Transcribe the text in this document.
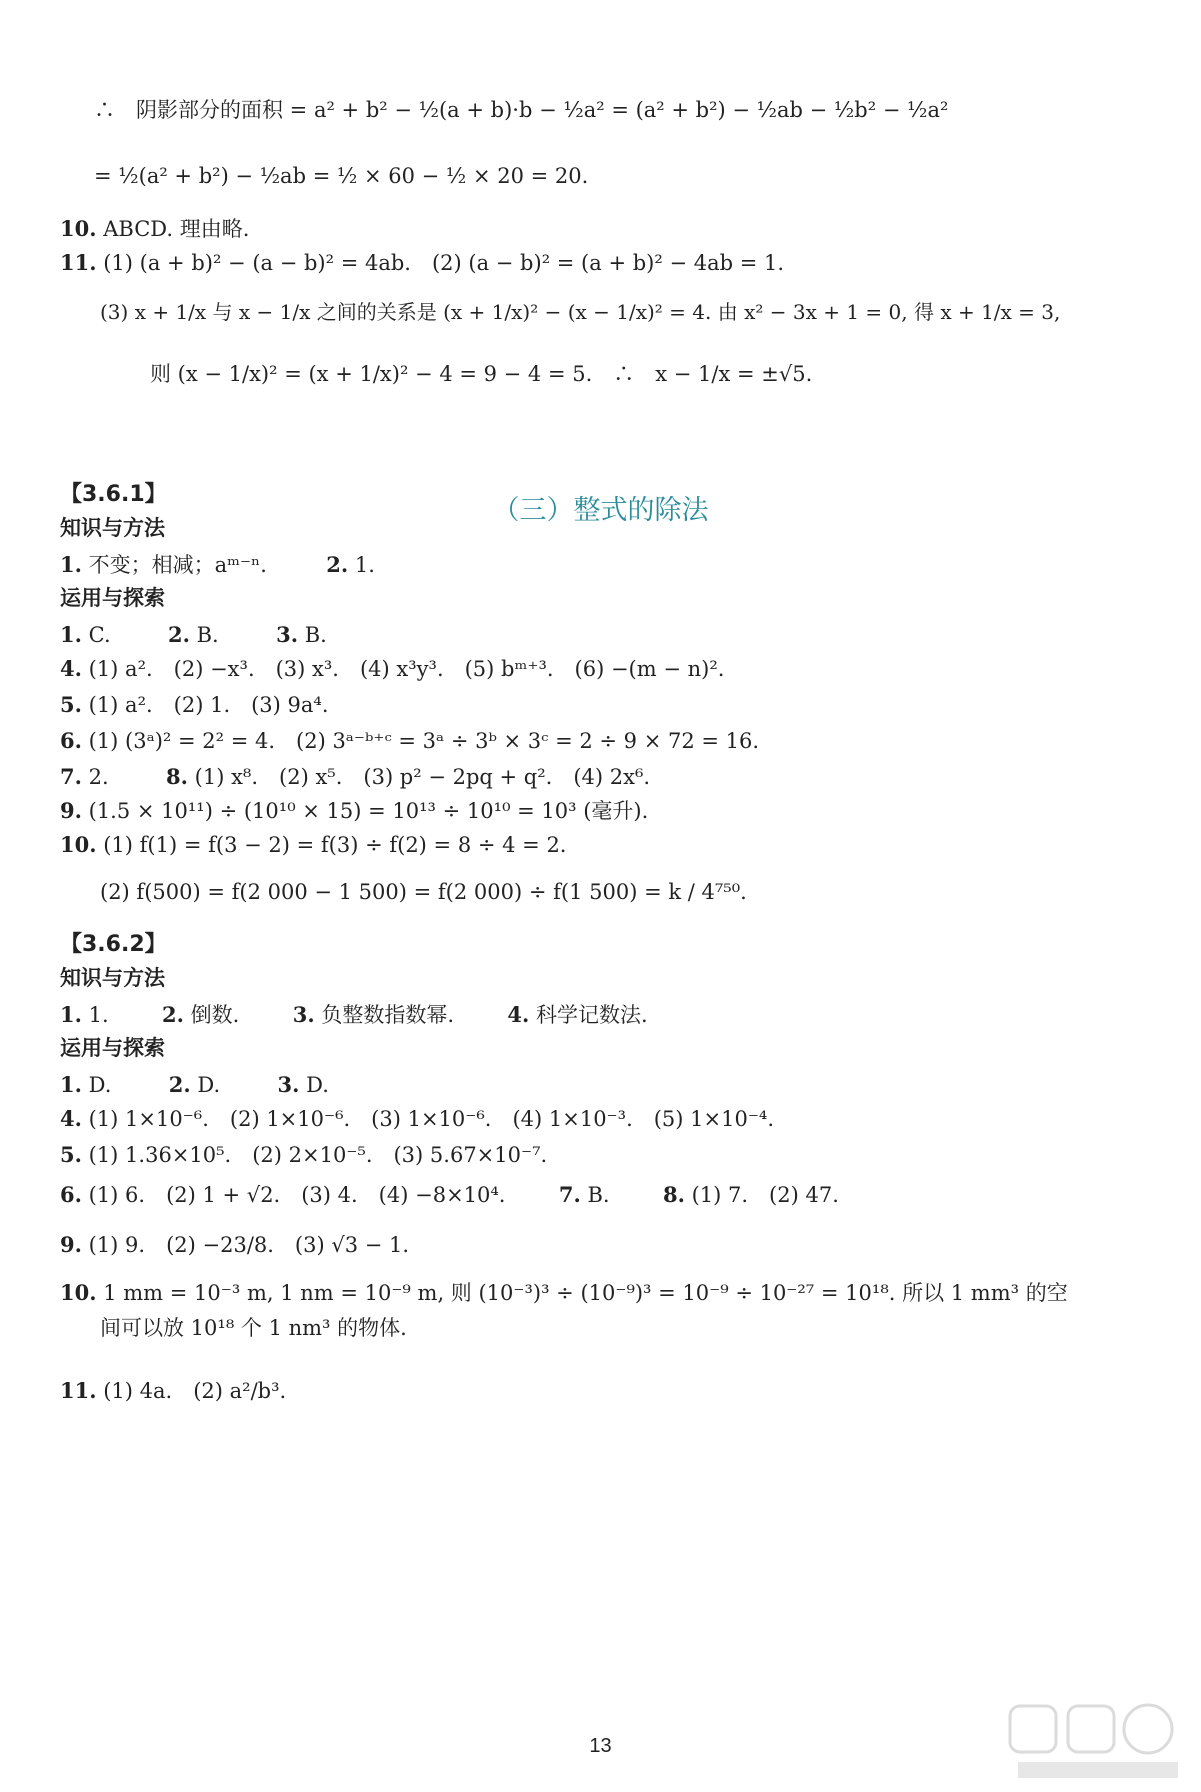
∴　阴影部分的面积 = a² + b² − ½(a + b)·b − ½a² = (a² + b²) − ½ab − ½b² − ½a²
= ½(a² + b²) − ½ab = ½ × 60 − ½ × 20 = 20.
10. ABCD. 理由略.
11. (1) (a + b)² − (a − b)² = 4ab.　(2) (a − b)² = (a + b)² − 4ab = 1.
(3) x + 1/x 与 x − 1/x 之间的关系是 (x + 1/x)² − (x − 1/x)² = 4. 由 x² − 3x + 1 = 0, 得 x + 1/x = 3,
则 (x − 1/x)² = (x + 1/x)² − 4 = 9 − 4 = 5.　∴　x − 1/x = ±√5.
（三）整式的除法
【3.6.1】
知识与方法
1. 不变；相减；aᵐ⁻ⁿ.	2. 1.
运用与探索
1. C.	2. B.	3. B.
4. (1) a².　(2) −x³.　(3) x³.　(4) x³y³.　(5) bᵐ⁺³.　(6) −(m − n)².
5. (1) a².　(2) 1.　(3) 9a⁴.
6. (1) (3ᵃ)² = 2² = 4.　(2) 3ᵃ⁻ᵇ⁺ᶜ = 3ᵃ ÷ 3ᵇ × 3ᶜ = 2 ÷ 9 × 72 = 16.
7. 2.	8. (1) x⁸.　(2) x⁵.　(3) p² − 2pq + q².　(4) 2x⁶.
9. (1.5 × 10¹¹) ÷ (10¹⁰ × 15) = 10¹³ ÷ 10¹⁰ = 10³ (毫升).
10. (1) f(1) = f(3 − 2) = f(3) ÷ f(2) = 8 ÷ 4 = 2.
(2) f(500) = f(2 000 − 1 500) = f(2 000) ÷ f(1 500) = k / 4⁷⁵⁰.
【3.6.2】
知识与方法
1. 1.	2. 倒数.	3. 负整数指数幂.	4. 科学记数法.
运用与探索
1. D.	2. D.	3. D.
4. (1) 1×10⁻⁶.　(2) 1×10⁻⁶.　(3) 1×10⁻⁶.　(4) 1×10⁻³.　(5) 1×10⁻⁴.
5. (1) 1.36×10⁵.　(2) 2×10⁻⁵.　(3) 5.67×10⁻⁷.
6. (1) 6.　(2) 1 + √2.　(3) 4.　(4) −8×10⁴.	7. B.	8. (1) 7.　(2) 47.
9. (1) 9.　(2) −23/8.　(3) √3 − 1.
10. 1 mm = 10⁻³ m, 1 nm = 10⁻⁹ m, 则 (10⁻³)³ ÷ (10⁻⁹)³ = 10⁻⁹ ÷ 10⁻²⁷ = 10¹⁸. 所以 1 mm³ 的空
间可以放 10¹⁸ 个 1 nm³ 的物体.
11. (1) 4a.　(2) a²/b³.
13
